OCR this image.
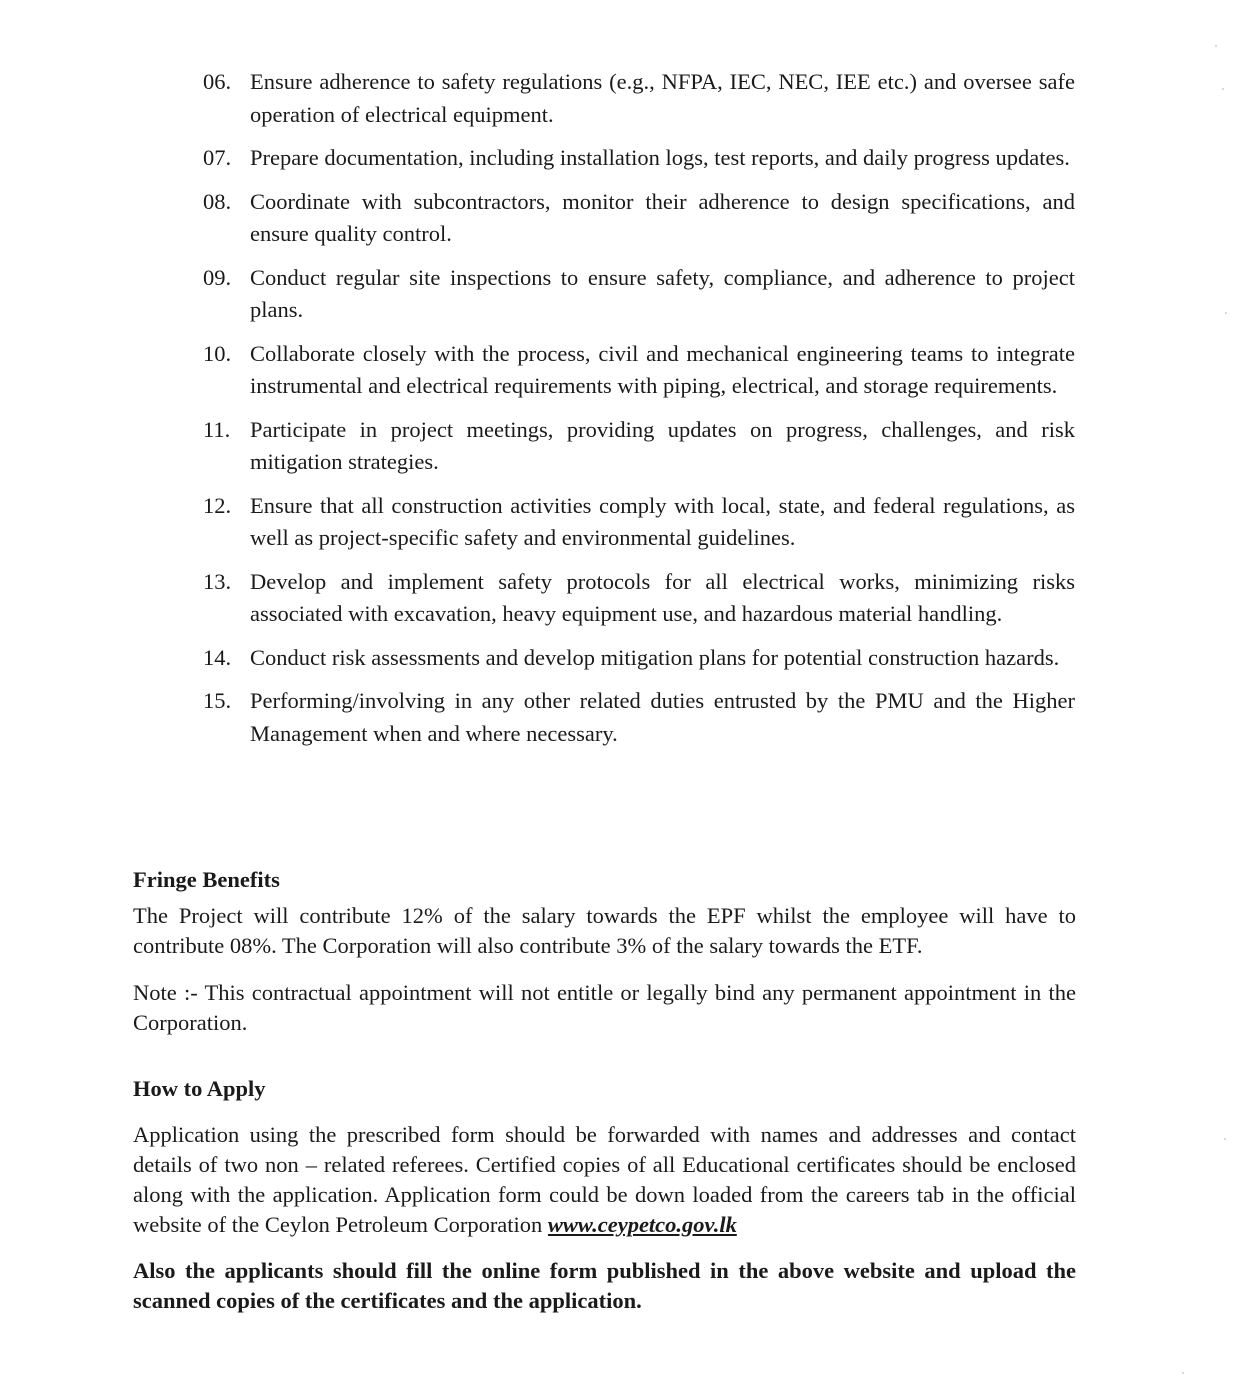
06. Ensure adherence to safety regulations (e.g., NFPA, IEC, NEC, IEE etc.) and oversee safe operation of electrical equipment.
07. Prepare documentation, including installation logs, test reports, and daily progress updates.
08. Coordinate with subcontractors, monitor their adherence to design specifications, and ensure quality control.
09. Conduct regular site inspections to ensure safety, compliance, and adherence to project plans.
10. Collaborate closely with the process, civil and mechanical engineering teams to integrate instrumental and electrical requirements with piping, electrical, and storage requirements.
11. Participate in project meetings, providing updates on progress, challenges, and risk mitigation strategies.
12. Ensure that all construction activities comply with local, state, and federal regulations, as well as project-specific safety and environmental guidelines.
13. Develop and implement safety protocols for all electrical works, minimizing risks associated with excavation, heavy equipment use, and hazardous material handling.
14. Conduct risk assessments and develop mitigation plans for potential construction hazards.
15. Performing/involving in any other related duties entrusted by the PMU and the Higher Management when and where necessary.
Fringe Benefits

The Project will contribute 12% of the salary towards the EPF whilst the employee will have to contribute 08%. The Corporation will also contribute 3% of the salary towards the ETF.

Note :- This contractual appointment will not entitle or legally bind any permanent appointment in the Corporation.

How to Apply

Application using the prescribed form should be forwarded with names and addresses and contact details of two non – related referees. Certified copies of all Educational certificates should be enclosed along with the application. Application form could be down loaded from the careers tab in the official website of the Ceylon Petroleum Corporation www.ceypetco.gov.lk

Also the applicants should fill the online form published in the above website and upload the scanned copies of the certificates and the application.
